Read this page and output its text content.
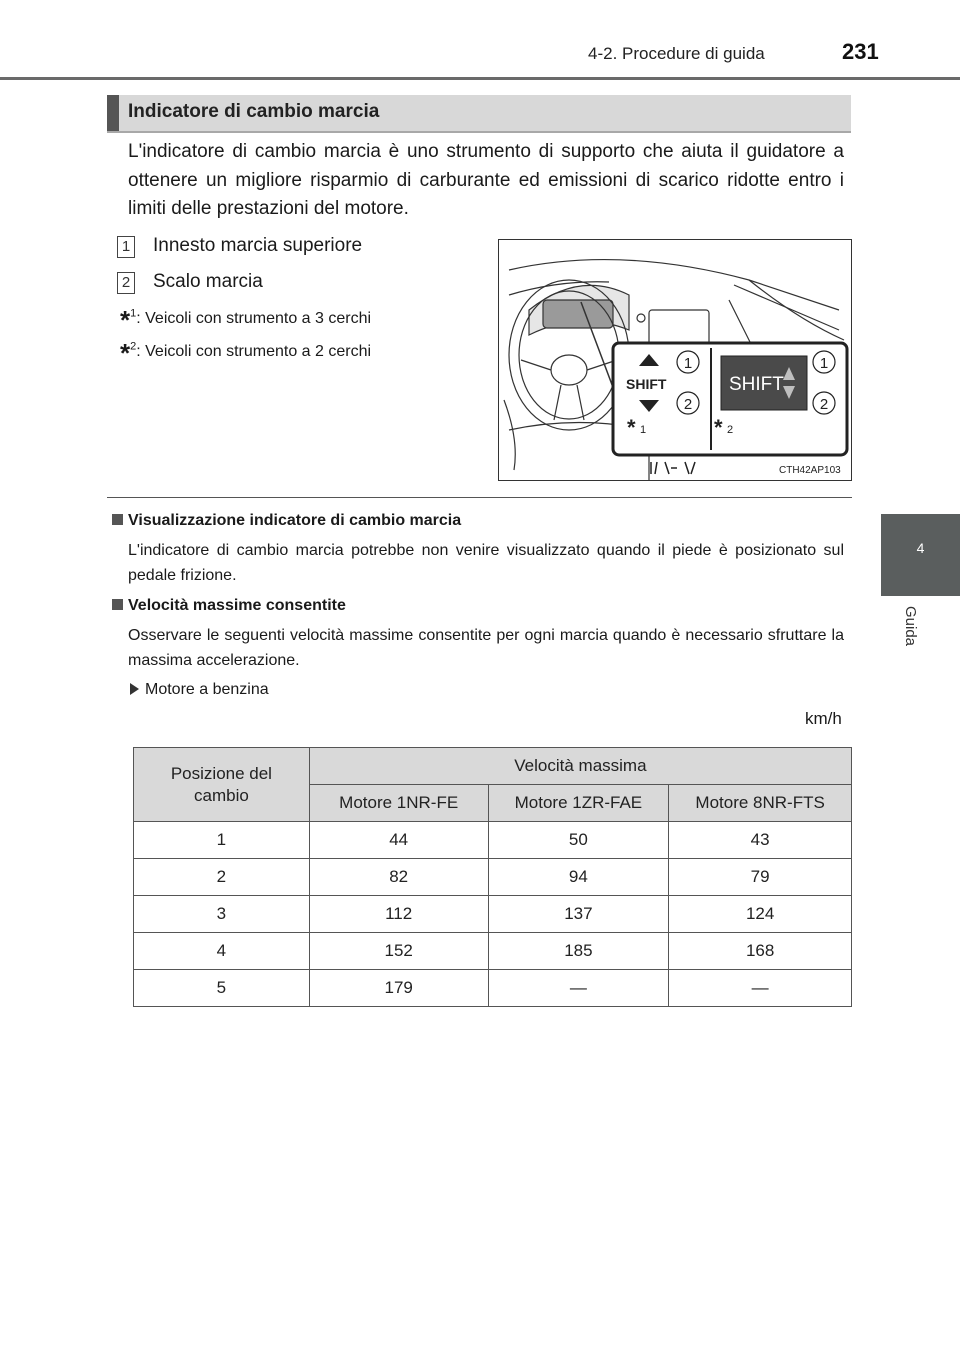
4-2. Procedure di guida	231
4
Guida
Indicatore di cambio marcia
L'indicatore di cambio marcia è uno strumento di supporto che aiuta il guidatore a ottenere un migliore risparmio di carburante ed emissioni di scarico ridotte entro i limiti delle prestazioni del motore.
1 Innesto marcia superiore
2 Scalo marcia
*$^1$: Veicoli con strumento a 3 cerchi
*$^2$: Veicoli con strumento a 2 cerchi
SHIFT
1
2
* 1
SHIFT
1
2
* 2
CTH42AP103
Visualizzazione indicatore di cambio marcia
L'indicatore di cambio marcia potrebbe non venire visualizzato quando il piede è posizionato sul pedale frizione.
Velocità massime consentite
Osservare le seguenti velocità massime consentite per ogni marcia quando è necessario sfruttare la massima accelerazione.
Motore a benzina
km/h
Posizione del cambio	Velocità massima		
	Motore 1NR-FE	Motore 1ZR-FAE	Motore 8NR-FTS
1	44	50	43
2	82	94	79
3	112	137	124
4	152	185	168
5	179	—	—
